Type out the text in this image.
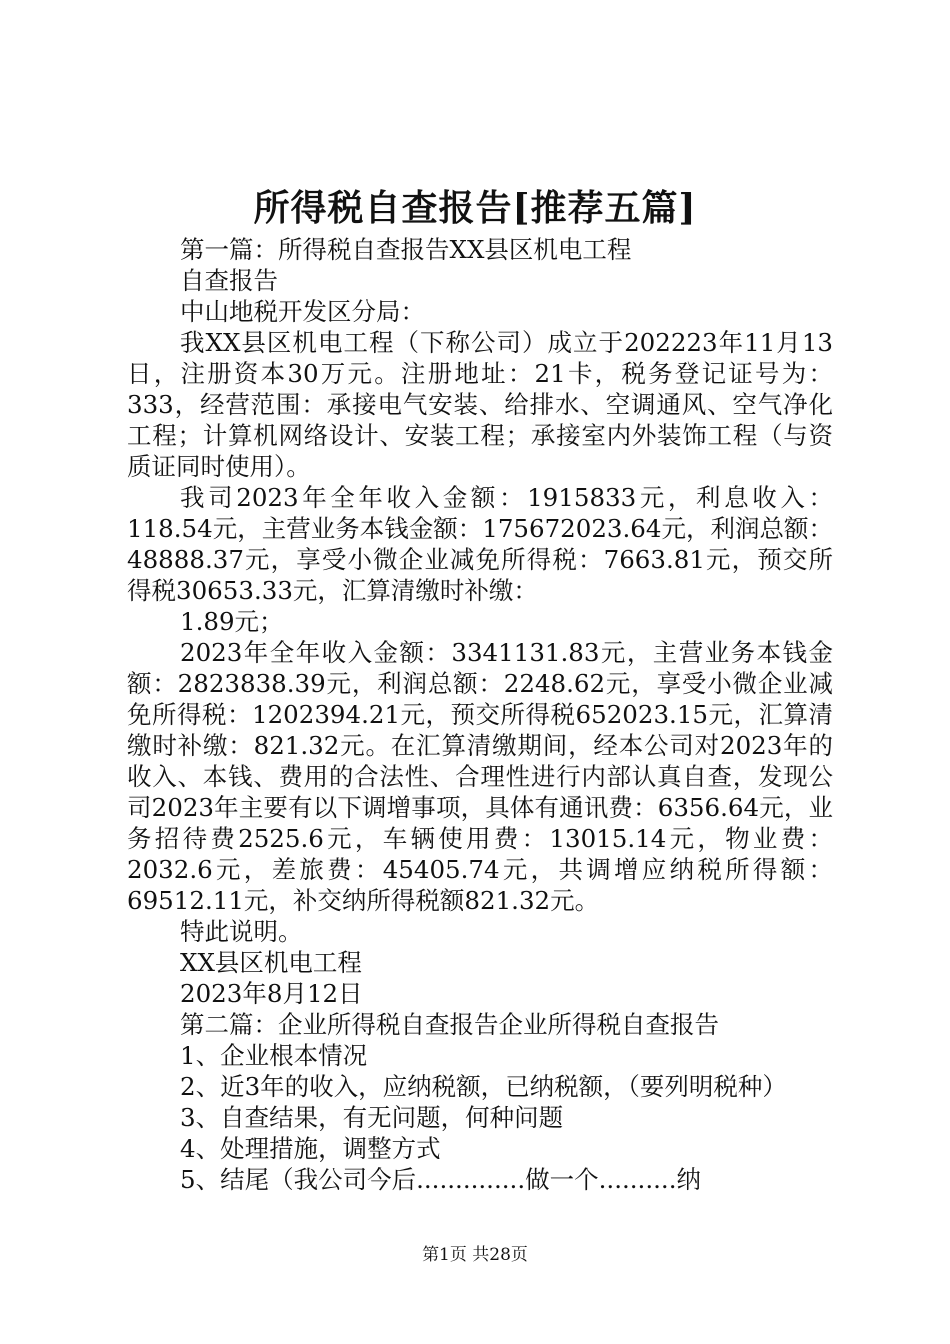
所得税自查报告[推荐五篇]

第一篇：所得税自查报告XX县区机电工程

自查报告

中山地税开发区分局：

我XX县区机电工程（下称公司）成立于202223年11月13日，注册资本30万元。注册地址：21卡，税务登记证号为：333，经营范围：承接电气安装、给排水、空调通风、空气净化工程；计算机网络设计、安装工程；承接室内外装饰工程（与资质证同时使用）。

我司2023年全年收入金额：1915833元，利息收入：118.54元，主营业务本钱金额：175672023.64元，利润总额：48888.37元，享受小微企业减免所得税：7663.81元，预交所得税30653.33元，汇算清缴时补缴：

1.89元；

2023年全年收入金额：3341131.83元，主营业务本钱金额：2823838.39元，利润总额：2248.62元，享受小微企业减免所得税：1202394.21元，预交所得税652023.15元，汇算清缴时补缴：821.32元。在汇算清缴期间，经本公司对2023年的收入、本钱、费用的合法性、合理性进行内部认真自查，发现公司2023年主要有以下调增事项，具体有通讯费：6356.64元，业务招待费2525.6元，车辆使用费：13015.14元，物业费：2032.6元，差旅费：45405.74元，共调增应纳税所得额：69512.11元，补交纳所得税额821.32元。

特此说明。

XX县区机电工程

2023年8月12日

第二篇：企业所得税自查报告企业所得税自查报告

1、企业根本情况

2、近3年的收入，应纳税额，已纳税额，（要列明税种）

3、自查结果，有无问题，何种问题

4、处理措施，调整方式

5、结尾（我公司今后..............做一个..........纳

第1页 共28页
